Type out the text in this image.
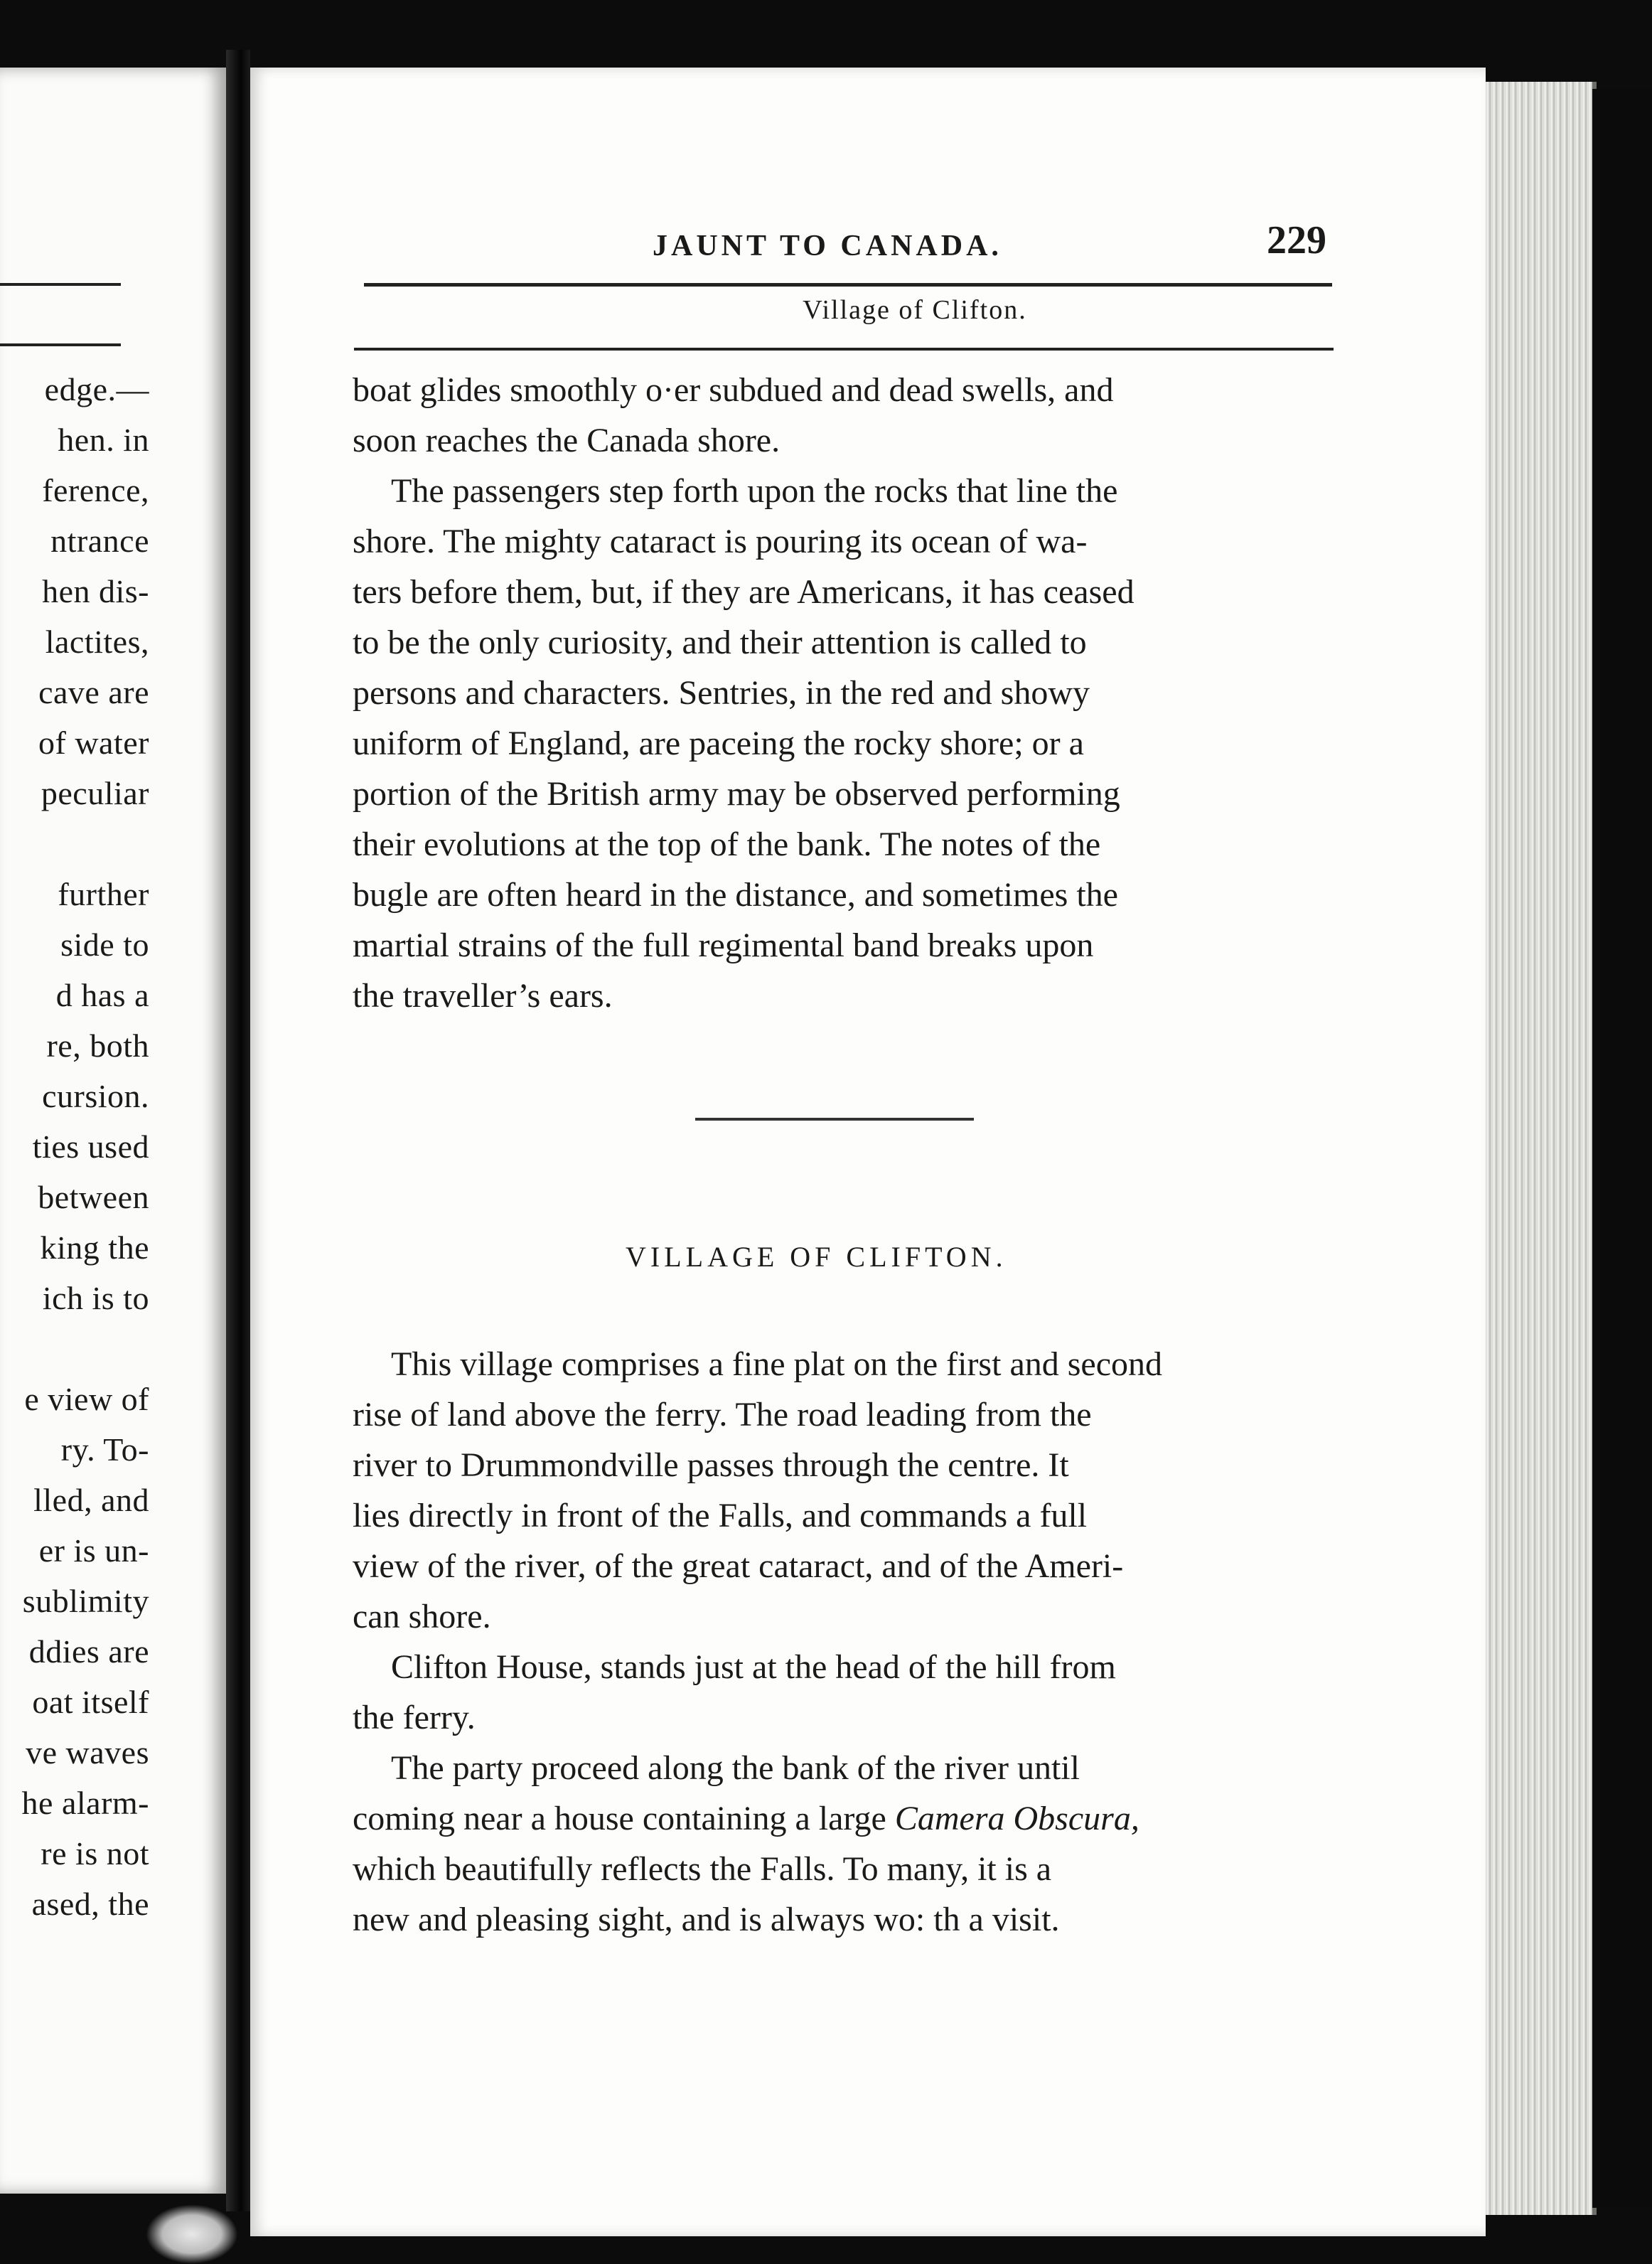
edge.—
hen. in
ference,
ntrance
hen dis-
lactites,
cave are
of water
peculiar
further
side to
d has a
re, both
cursion.
ties used
between
king the
ich is to
e view of
ry. To-
lled, and
er is un-
sublimity
ddies are
oat itself
ve waves
he alarm-
re is not
ased, the
JAUNT TO CANADA.	229
Village of Clifton.

boat glides smoothly o·er subdued and dead swells, and

soon reaches the Canada shore.

The passengers step forth upon the rocks that line the

shore. The mighty cataract is pouring its ocean of wa-

ters before them, but, if they are Americans, it has ceased

to be the only curiosity, and their attention is called to

persons and characters. Sentries, in the red and showy

uniform of England, are paceing the rocky shore; or a

portion of the British army may be observed performing

their evolutions at the top of the bank. The notes of the

bugle are often heard in the distance, and sometimes the

martial strains of the full regimental band breaks upon

the traveller’s ears.

VILLAGE OF CLIFTON.

This village comprises a fine plat on the first and second

rise of land above the ferry. The road leading from the

river to Drummondville passes through the centre. It

lies directly in front of the Falls, and commands a full

view of the river, of the great cataract, and of the Ameri-

can shore.

Clifton House, stands just at the head of the hill from

the ferry.

The party proceed along the bank of the river until

coming near a house containing a large Camera Obscura,

which beautifully reflects the Falls. To many, it is a

new and pleasing sight, and is always wo: th a visit.
